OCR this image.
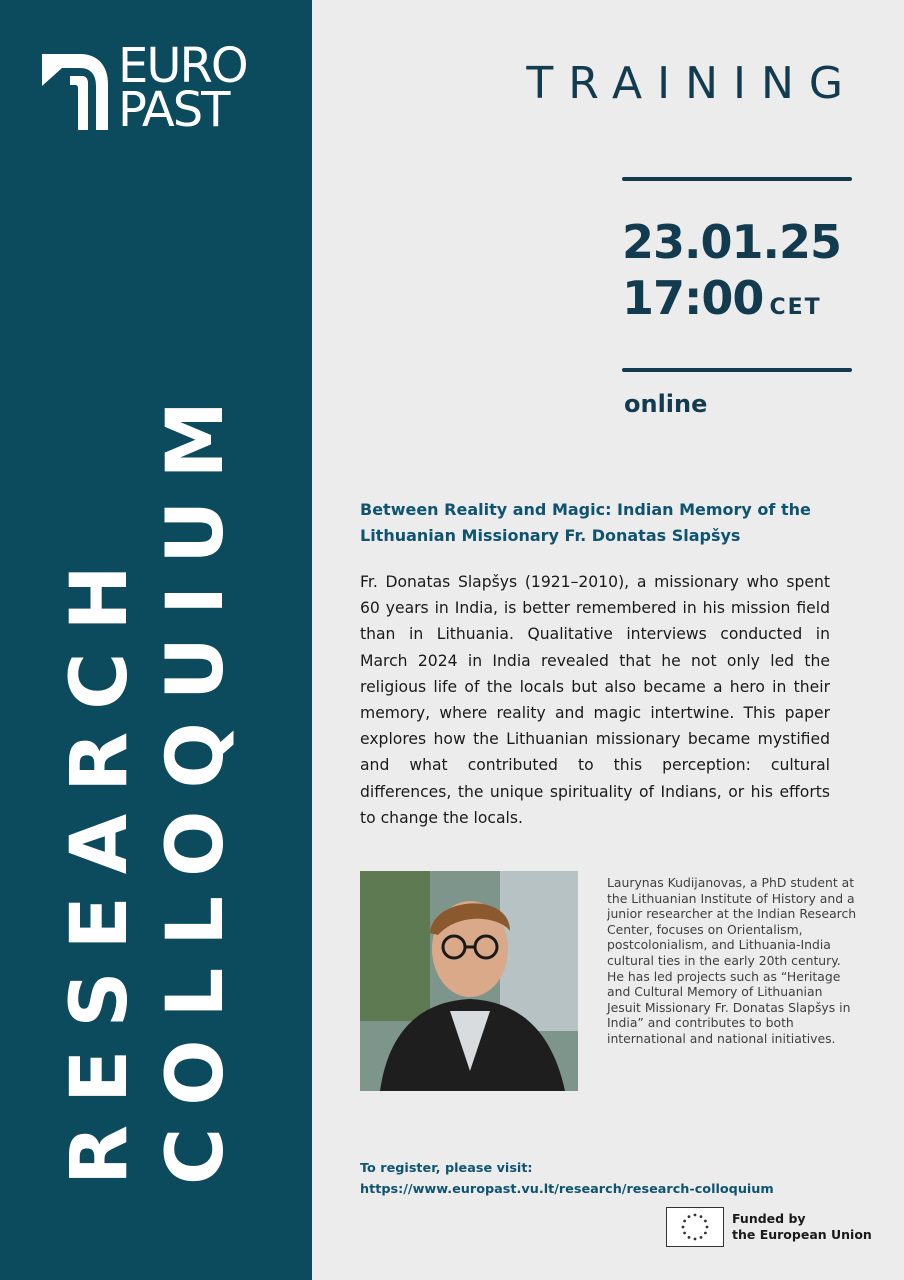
EURO
PAST
RESEARCH COLLOQUIUM
TRAINING
23.01.25
17:00 CET
online
Between Reality and Magic: Indian Memory of the Lithuanian Missionary Fr. Donatas Slapšys
Fr. Donatas Slapšys (1921–2010), a missionary who spent 60 years in India, is better remembered in his mission field than in Lithuania. Qualitative interviews conducted in March 2024 in India revealed that he not only led the religious life of the locals but also became a hero in their memory, where reality and magic intertwine. This paper explores how the Lithuanian missionary became mystified and what contributed to this perception: cultural differences, the unique spirituality of Indians, or his efforts to change the locals.
Laurynas Kudijanovas, a PhD student at the Lithuanian Institute of History and a junior researcher at the Indian Research Center, focuses on Orientalism, postcolonialism, and Lithuania-India cultural ties in the early 20th century. He has led projects such as “Heritage and Cultural Memory of Lithuanian Jesuit Missionary Fr. Donatas Slapšys in India” and contributes to both international and national initiatives.
To register, please visit:
https://www.europast.vu.lt/research/research-colloquium
Funded by
the European Union
